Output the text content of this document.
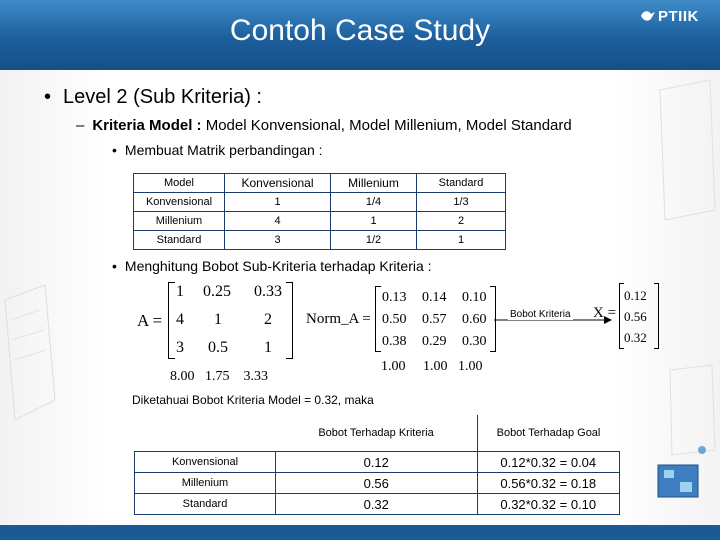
Contoh Case Study	PTIIK
• Level 2 (Sub Kriteria) :
– Kriteria Model : Model Konvensional, Model Millenium, Model Standard
• Membuat Matrik perbandingan :
Model	Konvensional	Millenium	Standard
Konvensional	1	1/4	1/3
Millenium	4	1	2
Standard	3	1/2	1
• Menghitung Bobot Sub-Kriteria terhadap Kriteria :
A =
1 0.25 0.33
4 1	2
3 0.5 1
8.00 1.75 3.33
Norm_A =
0.13 0.14 0.10
0.50 0.57 0.60
0.38 0.29 0.30
1.00 1.00 1.00
Bobot Kriteria X =
0.12
0.56
0.32
Diketahuai Bobot Kriteria Model = 0.32, maka
	Bobot Terhadap Kriteria	Bobot Terhadap Goal
Konvensional	0.12	0.12*0.32 = 0.04
Millenium	0.56	0.56*0.32 = 0.18
Standard	0.32	0.32*0.32 = 0.10
